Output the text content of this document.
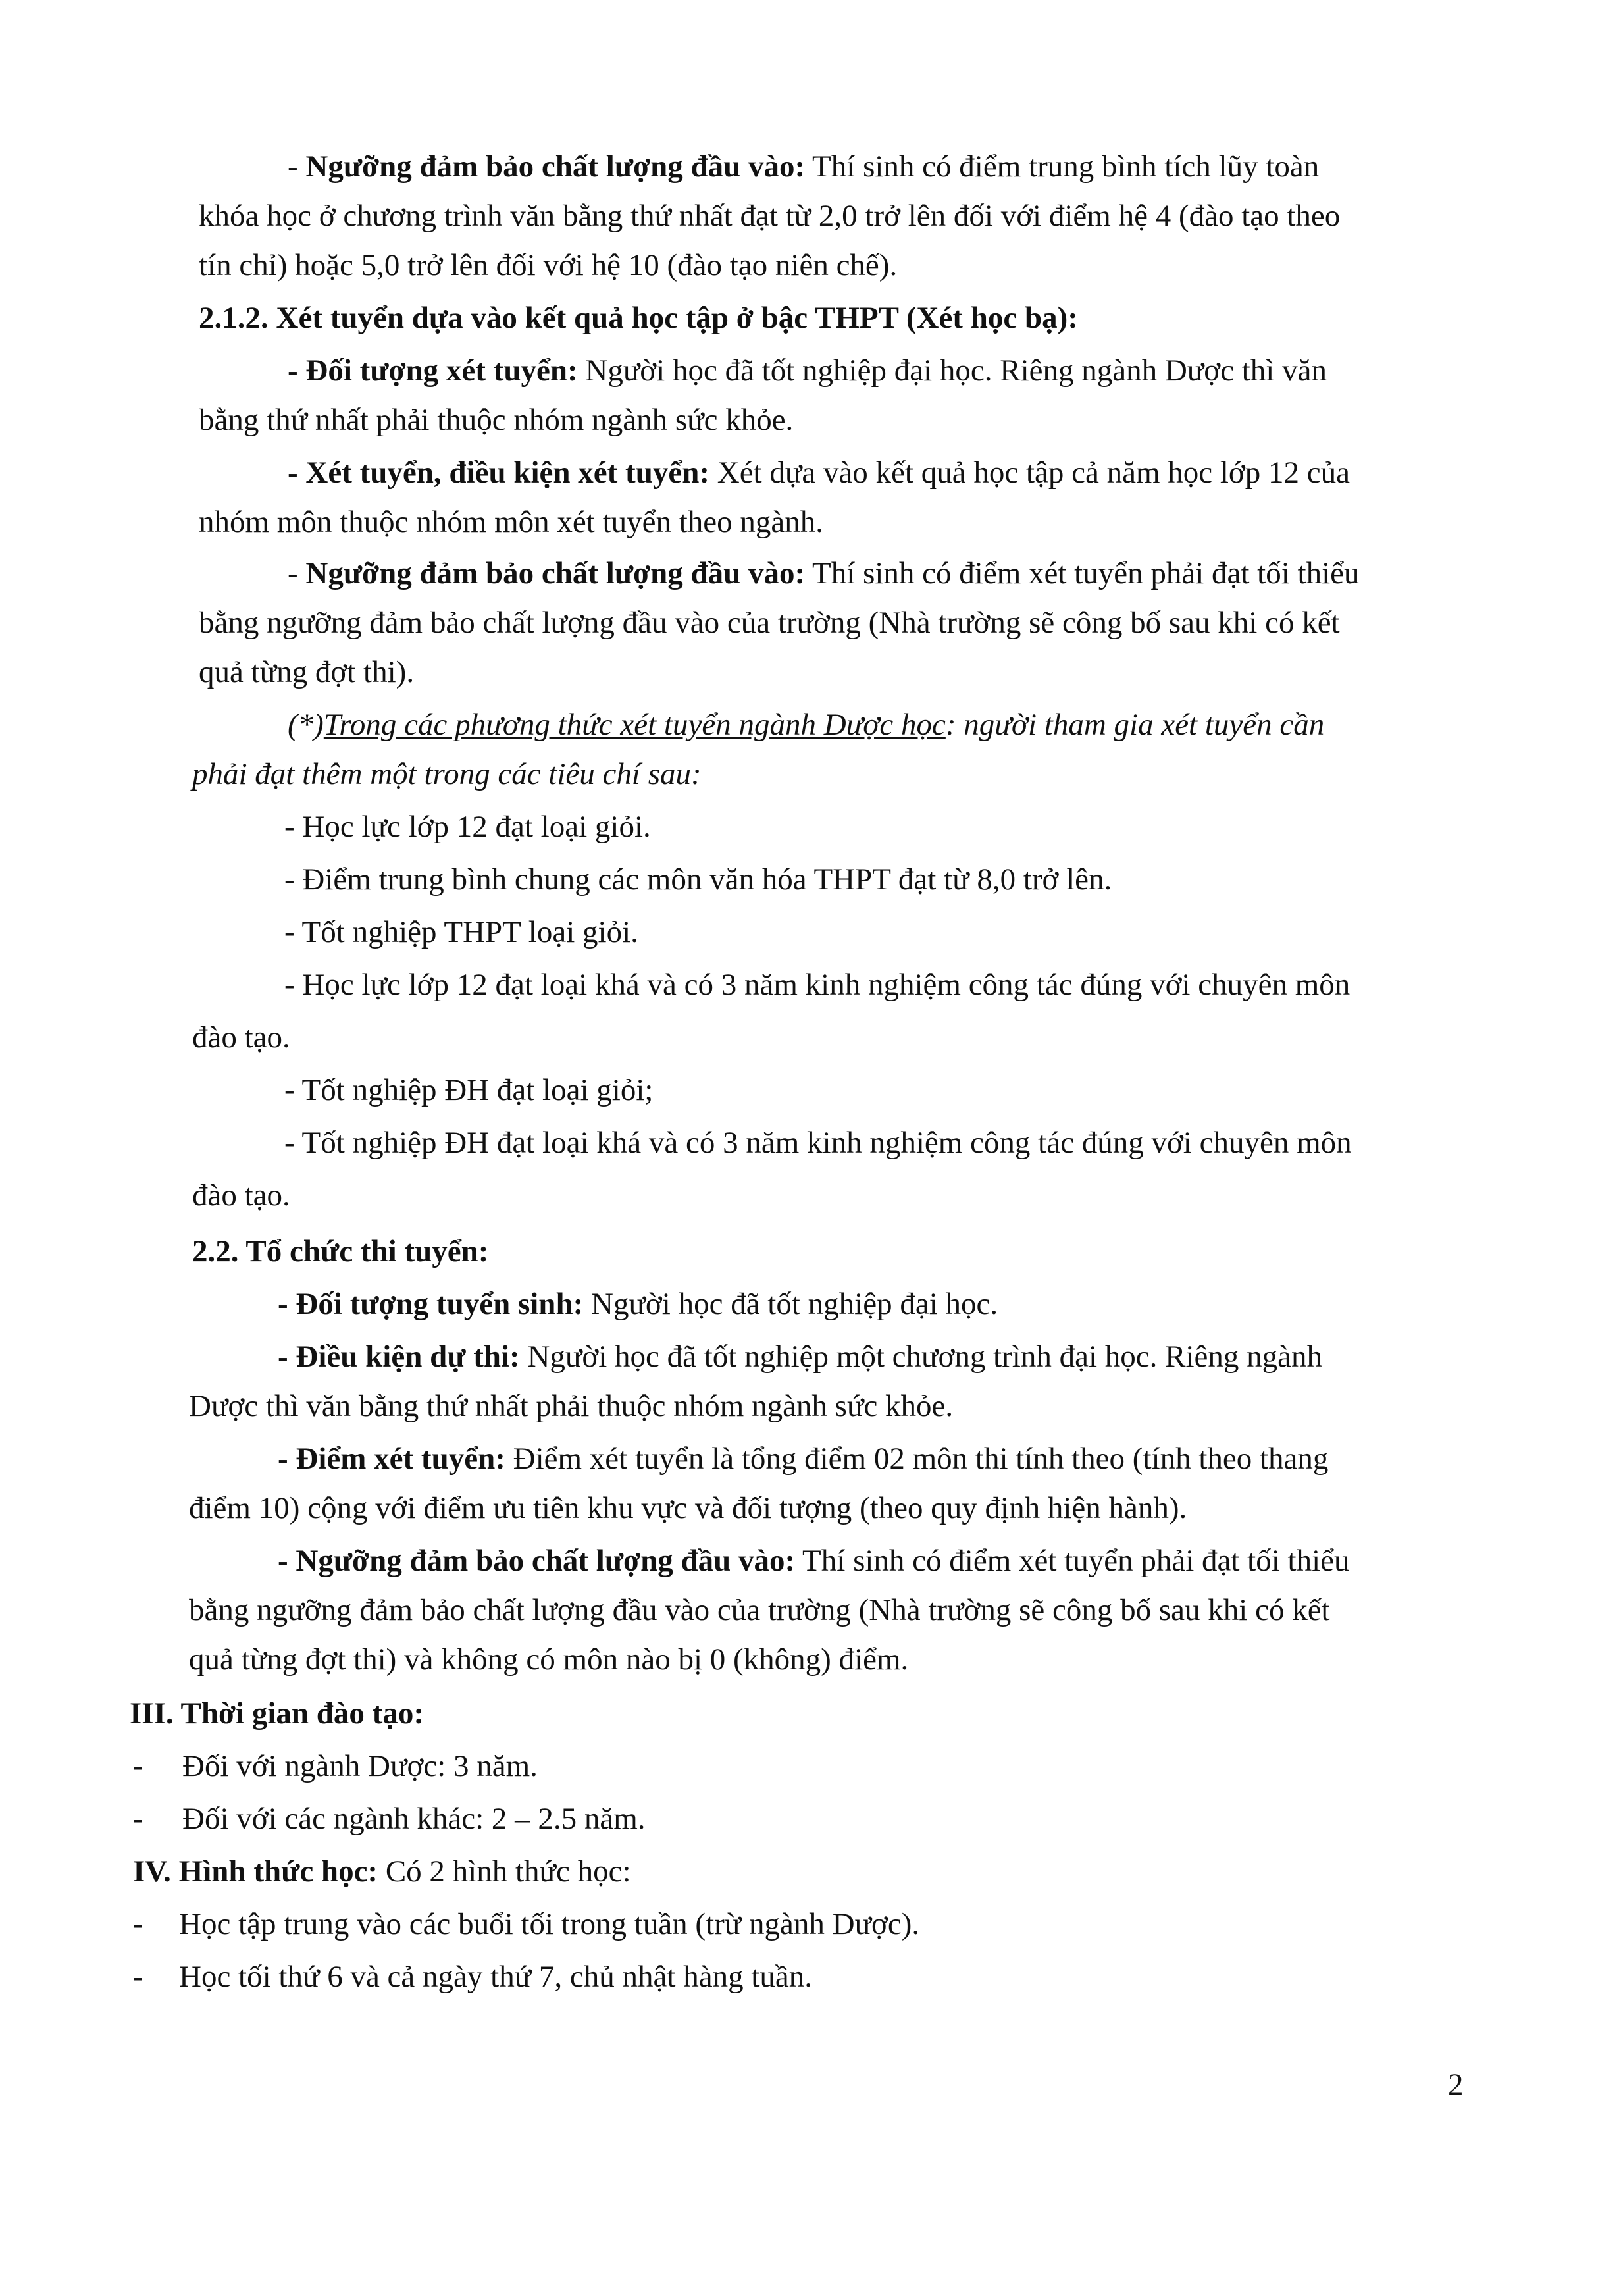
- Ngưỡng đảm bảo chất lượng đầu vào: Thí sinh có điểm trung bình tích lũy toàn
khóa học ở chương trình văn bằng thứ nhất đạt từ 2,0 trở lên đối với điểm hệ 4 (đào tạo theo
tín chỉ) hoặc 5,0 trở lên đối với hệ 10 (đào tạo niên chế).
2.1.2. Xét tuyển dựa vào kết quả học tập ở bậc THPT (Xét học bạ):
- Đối tượng xét tuyển: Người học đã tốt nghiệp đại học. Riêng ngành Dược thì văn
bằng thứ nhất phải thuộc nhóm ngành sức khỏe.
- Xét tuyển, điều kiện xét tuyển: Xét dựa vào kết quả học tập cả năm học lớp 12 của
nhóm môn thuộc nhóm môn xét tuyển theo ngành.
- Ngưỡng đảm bảo chất lượng đầu vào: Thí sinh có điểm xét tuyển phải đạt tối thiểu
bằng ngưỡng đảm bảo chất lượng đầu vào của trường (Nhà trường sẽ công bố sau khi có kết
quả từng đợt thi).
(*)Trong các phương thức xét tuyển ngành Dược học: người tham gia xét tuyển cần
phải đạt thêm một trong các tiêu chí sau:
- Học lực lớp 12 đạt loại giỏi.
- Điểm trung bình chung các môn văn hóa THPT đạt từ 8,0 trở lên.
- Tốt nghiệp THPT loại giỏi.
- Học lực lớp 12 đạt loại khá và có 3 năm kinh nghiệm công tác đúng với chuyên môn
đào tạo.
- Tốt nghiệp ĐH đạt loại giỏi;
- Tốt nghiệp ĐH đạt loại khá và có 3 năm kinh nghiệm công tác đúng với chuyên môn
đào tạo.
2.2. Tổ chức thi tuyển:
- Đối tượng tuyển sinh: Người học đã tốt nghiệp đại học.
- Điều kiện dự thi: Người học đã tốt nghiệp một chương trình đại học. Riêng ngành
Dược thì văn bằng thứ nhất phải thuộc nhóm ngành sức khỏe.
- Điểm xét tuyển: Điểm xét tuyển là tổng điểm 02 môn thi tính theo (tính theo thang
điểm 10) cộng với điểm ưu tiên khu vực và đối tượng (theo quy định hiện hành).
- Ngưỡng đảm bảo chất lượng đầu vào: Thí sinh có điểm xét tuyển phải đạt tối thiểu
bằng ngưỡng đảm bảo chất lượng đầu vào của trường (Nhà trường sẽ công bố sau khi có kết
quả từng đợt thi) và không có môn nào bị 0 (không) điểm.
III. Thời gian đào tạo:
- Đối với ngành Dược: 3 năm.
- Đối với các ngành khác: 2 – 2.5 năm.
IV. Hình thức học: Có 2 hình thức học:
- Học tập trung vào các buổi tối trong tuần (trừ ngành Dược).
- Học tối thứ 6 và cả ngày thứ 7, chủ nhật hàng tuần.
2
